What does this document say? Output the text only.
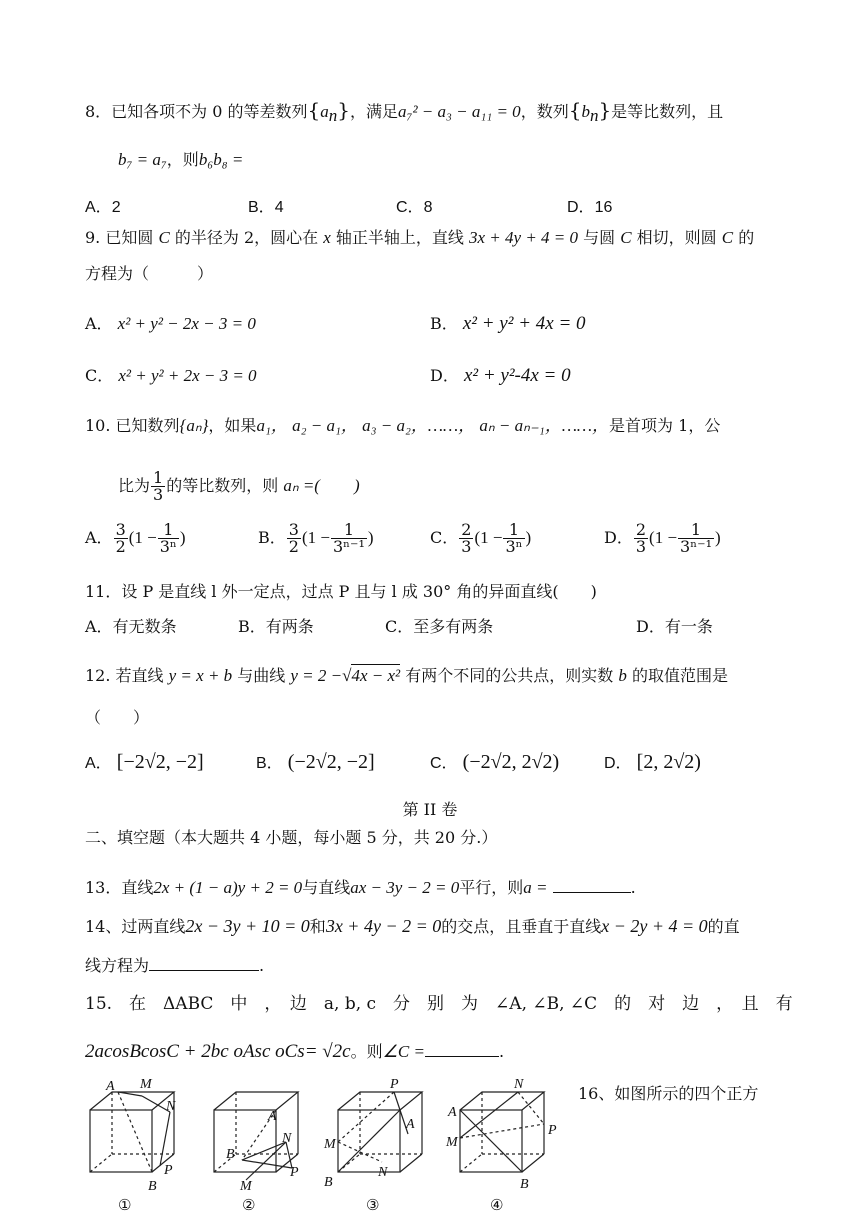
8．已知各项不为 0 的等差数列$\{a_n\}$，满足a₇² − a₃ − a₁₁ = 0，数列$\{b_n\}$是等比数列，且
b₇ = a₇，则b₆b₈ =
A．2	B．4	C．8	D．16
9. 已知圆 C 的半径为 2，圆心在 x 轴正半轴上，直线 3x + 4y + 4 = 0 与圆 C 相切，则圆 C 的
方程为（　　　）
A． x² + y² − 2x − 3 = 0	B． x² + y² + 4x = 0
C． x² + y² + 2x − 3 = 0	D． x² + y²-4x = 0
10. 已知数列{aₙ}，如果a₁， a₂ − a₁， a₃ − a₂，……， aₙ − aₙ₋₁，……，是首项为 1，公
比为 $\frac{1}{3}$ 的等比数列，则 aₙ =(　　)
A． $\frac{3}{2} (1 - \frac{1}{\text{3ⁿ}}$ )	B． $\frac{3}{2} (1 - \frac{1}{\text{3ⁿ⁻¹}}$ )	C． $\frac{2}{3} (1 - \frac{1}{\text{3ⁿ}}$ )	D． $\frac{2}{3} (1 - \frac{1}{\text{3ⁿ⁻¹}}$ )
11．设 P 是直线 l 外一定点，过点 P 且与 l 成 30° 角的异面直线(　　)
A．有无数条	B．有两条	C．至多有两条	D．有一条
12. 若直线 y = x + b 与曲线 y = 2 −√4x − x² 有两个不同的公共点，则实数 b 的取值范围是
（　　）
A． [−2√2, −2]	B． (−2√2, −2]	C． (−2√2, 2√2)	D． [2, 2√2)
第 II 卷
二、填空题（本大题共 4 小题，每小题 5 分，共 20 分.）
13．直线2x + (1 − a)y + 2 = 0与直线ax − 3y − 2 = 0平行，则a =	.
14、过两直线2x − 3y + 10 = 0和3x + 4y − 2 = 0的交点，且垂直于直线x − 2y + 4 = 0的直
线方程为	.
15.　在　ΔABC　中　，　边　a, b, c　分　别　为　∠A, ∠B, ∠C　的　对　边　，　且　有
2acosBcosC + 2bc oAsc oCs= √2c。则∠C =	.
16、如图所示的四个正方
A M
N
P
B
A
N
B
P
M
P
A
M
N
B
N
A
M
P
B
①	②	③	④
